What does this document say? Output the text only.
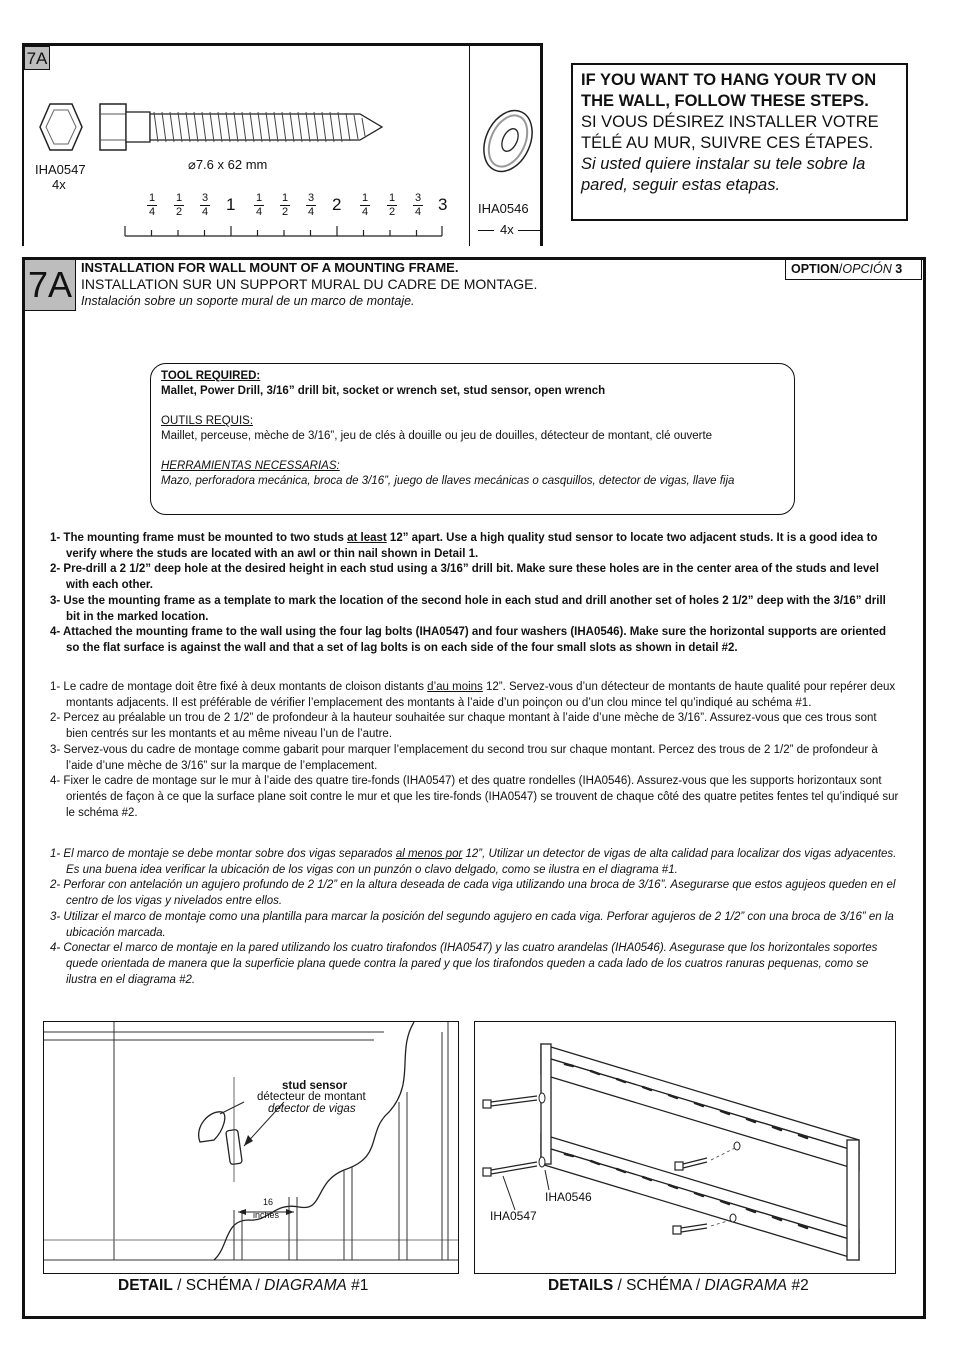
7A
IHA0547
4x
⌀7.6 x 62 mm
1
4
1
2
3
4 1	1
4
1
2
3
4 2	1
4
1
2
3
4 3 IHA0546
4x
IF YOU WANT TO HANG YOUR TV ON THE WALL, FOLLOW THESE STEPS.
SI VOUS DÉSIREZ INSTALLER VOTRE TÉLÉ AU MUR, SUIVRE CES ÉTAPES.
Si usted quiere instalar su tele sobre la pared, seguir estas etapas.
7A INSTALLATION FOR WALL MOUNT OF A MOUNTING FRAME.
INSTALLATION SUR UN SUPPORT MURAL DU CADRE DE MONTAGE.
Instalación sobre un soporte mural de un marco de montaje.
OPTION/OPCIÓN 3
TOOL REQUIRED:
Mallet, Power Drill, 3/16” drill bit, socket or wrench set, stud sensor, open wrench
OUTILS REQUIS:
Maillet, perceuse, mèche de 3/16”, jeu de clés à douille ou jeu de douilles, détecteur de montant, clé ouverte
HERRAMIENTAS NECESSARIAS:
Mazo, perforadora mecánica, broca de 3/16”, juego de llaves mecánicas o casquillos, detector de vigas, llave fija

1- The mounting frame must be mounted to two studs at least 12” apart. Use a high quality stud sensor to locate two adjacent studs. It is a good idea to verify where the studs are located with an awl or thin nail shown in Detail 1.

2- Pre-drill a 2 1/2” deep hole at the desired height in each stud using a 3/16” drill bit. Make sure these holes are in the center area of the studs and level with each other.

3- Use the mounting frame as a template to mark the location of the second hole in each stud and drill another set of holes 2 1/2” deep with the 3/16” drill bit in the marked location.

4- Attached the mounting frame to the wall using the four lag bolts (IHA0547) and four washers (IHA0546). Make sure the horizontal supports are oriented so the flat surface is against the wall and that a set of lag bolts is on each side of the four small slots as shown in detail #2.

1- Le cadre de montage doit être fixé à deux montants de cloison distants d’au moins 12”. Servez-vous d’un détecteur de montants de haute qualité pour repérer deux montants adjacents. Il est préférable de vérifier l’emplacement des montants à l’aide d’un poinçon ou d’un clou mince tel qu’indiqué au schéma #1.

2- Percez au préalable un trou de 2 1/2” de profondeur à la hauteur souhaitée sur chaque montant à l’aide d’une mèche de 3/16”. Assurez-vous que ces trous sont bien centrés sur les montants et au même niveau l’un de l’autre.

3- Servez-vous du cadre de montage comme gabarit pour marquer l’emplacement du second trou sur chaque montant. Percez des trous de 2 1/2” de profondeur à l’aide d’une mèche de 3/16” sur la marque de l’emplacement.

4- Fixer le cadre de montage sur le mur à l’aide des quatre tire-fonds (IHA0547) et des quatre rondelles (IHA0546). Assurez-vous que les supports horizontaux sont orientés de façon à ce que la surface plane soit contre le mur et que les tire-fonds (IHA0547) se trouvent de chaque côté des quatre petites fentes tel qu’indiqué sur le schéma #2.

1- El marco de montaje se debe montar sobre dos vigas separados al menos por 12”, Utilizar un detector de vigas de alta calidad para localizar dos vigas adyacentes. Es una buena idea verificar la ubicación de los vigas con un punzón o clavo delgado, como se ilustra en el diagrama #1.

2- Perforar con antelación un agujero profundo de 2 1/2” en la altura deseada de cada viga utilizando una broca de 3/16”. Asegurarse que estos agujeos queden en el centro de los vigas y nivelados entre ellos.

3- Utilizar el marco de montaje como una plantilla para marcar la posición del segundo agujero en cada viga. Perforar agujeros de 2 1/2” con una broca de 3/16” en la ubicación marcada.

4- Conectar el marco de montaje en la pared utilizando los cuatro tirafondos (IHA0547) y las cuatro arandelas (IHA0546). Asegurase que los horizontales soportes quede orientada de manera que la superficie plana quede contra la pared y que los tirafondos queden a cada lado de los cuatros ranuras pequenas, como se ilustra en el diagrama #2.

stud sensor
détecteur de montant
detector de vigas
16
inches
DETAIL / SCHÉMA / DIAGRAMA #1
IHA0546
IHA0547
DETAILS / SCHÉMA / DIAGRAMA #2
